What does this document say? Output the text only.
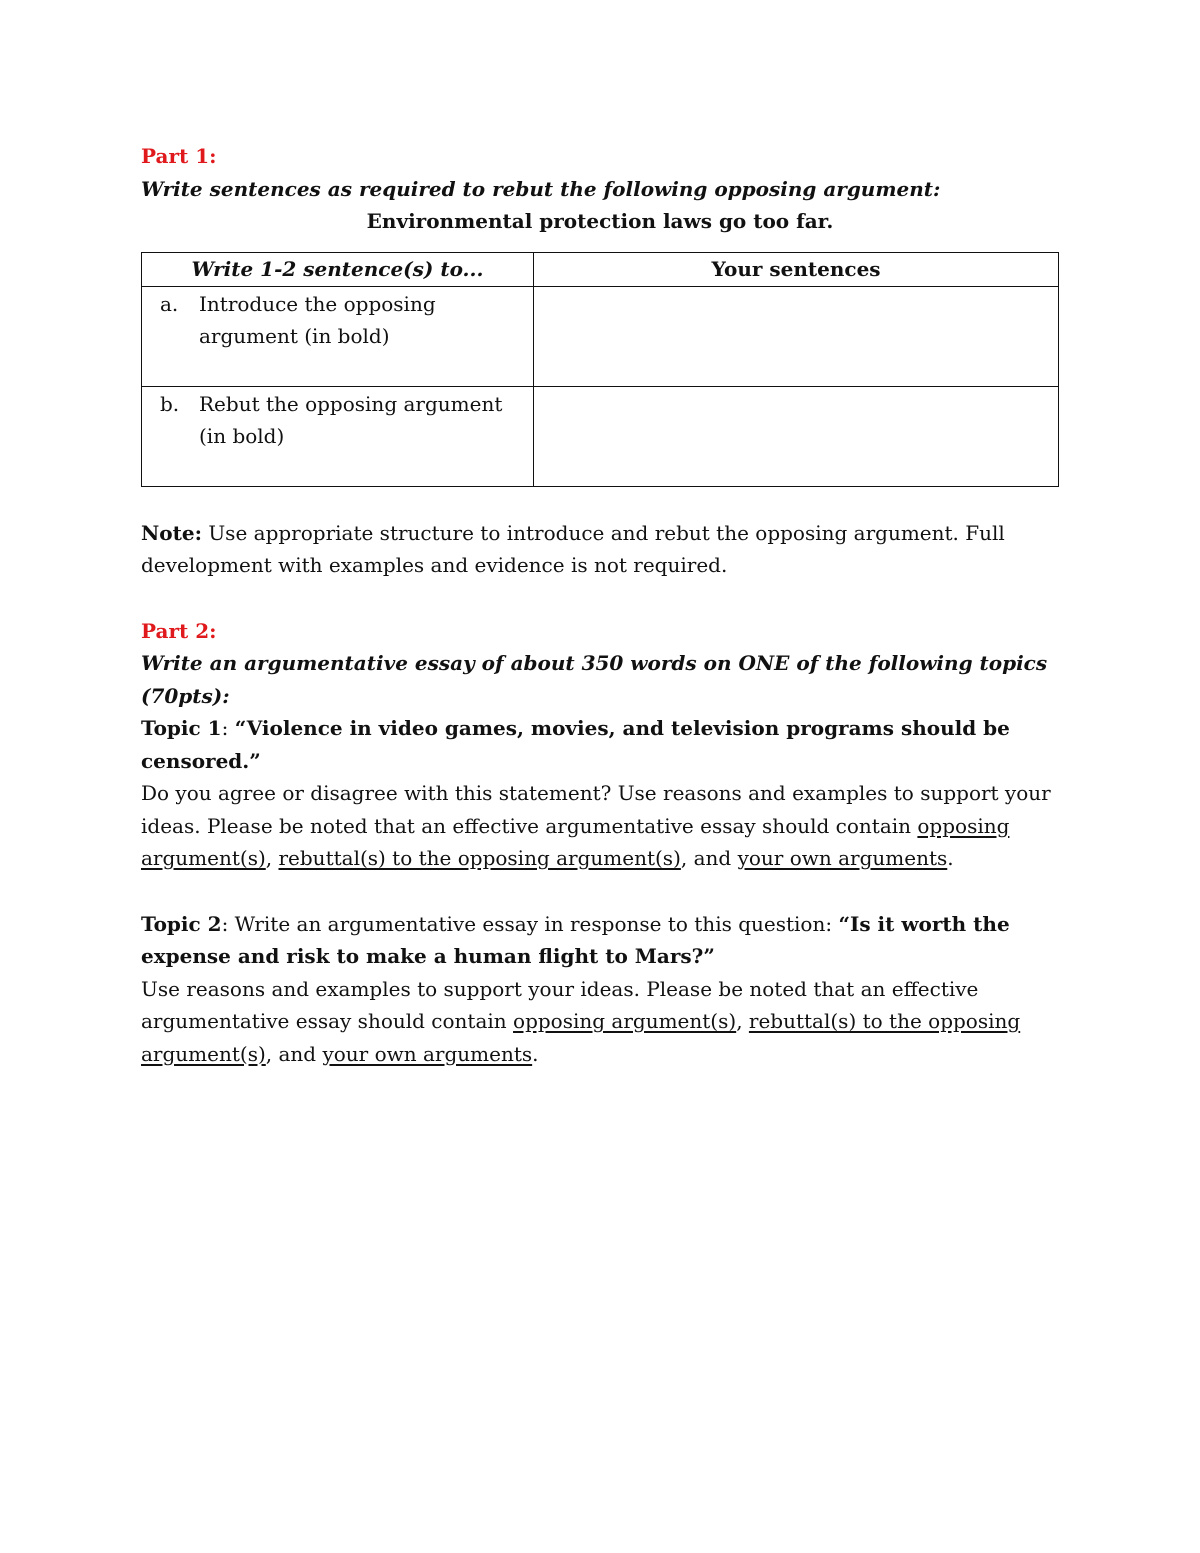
Part 1:

Write sentences as required to rebut the following opposing argument:

Environmental protection laws go too far.

Write 1-2 sentence(s) to...	Your sentences

a. Introduce the opposing argument (in bold)	

b. Rebut the opposing argument (in bold)	

Note: Use appropriate structure to introduce and rebut the opposing argument. Full development with examples and evidence is not required.

Part 2:

Write an argumentative essay of about 350 words on ONE of the following topics (70pts):

Topic 1: “Violence in video games, movies, and television programs should be censored.”
Do you agree or disagree with this statement? Use reasons and examples to support your ideas. Please be noted that an effective argumentative essay should contain opposing argument(s), rebuttal(s) to the opposing argument(s), and your own arguments.

Topic 2: Write an argumentative essay in response to this question: “Is it worth the expense and risk to make a human flight to Mars?”
Use reasons and examples to support your ideas. Please be noted that an effective argumentative essay should contain opposing argument(s), rebuttal(s) to the opposing argument(s), and your own arguments.
